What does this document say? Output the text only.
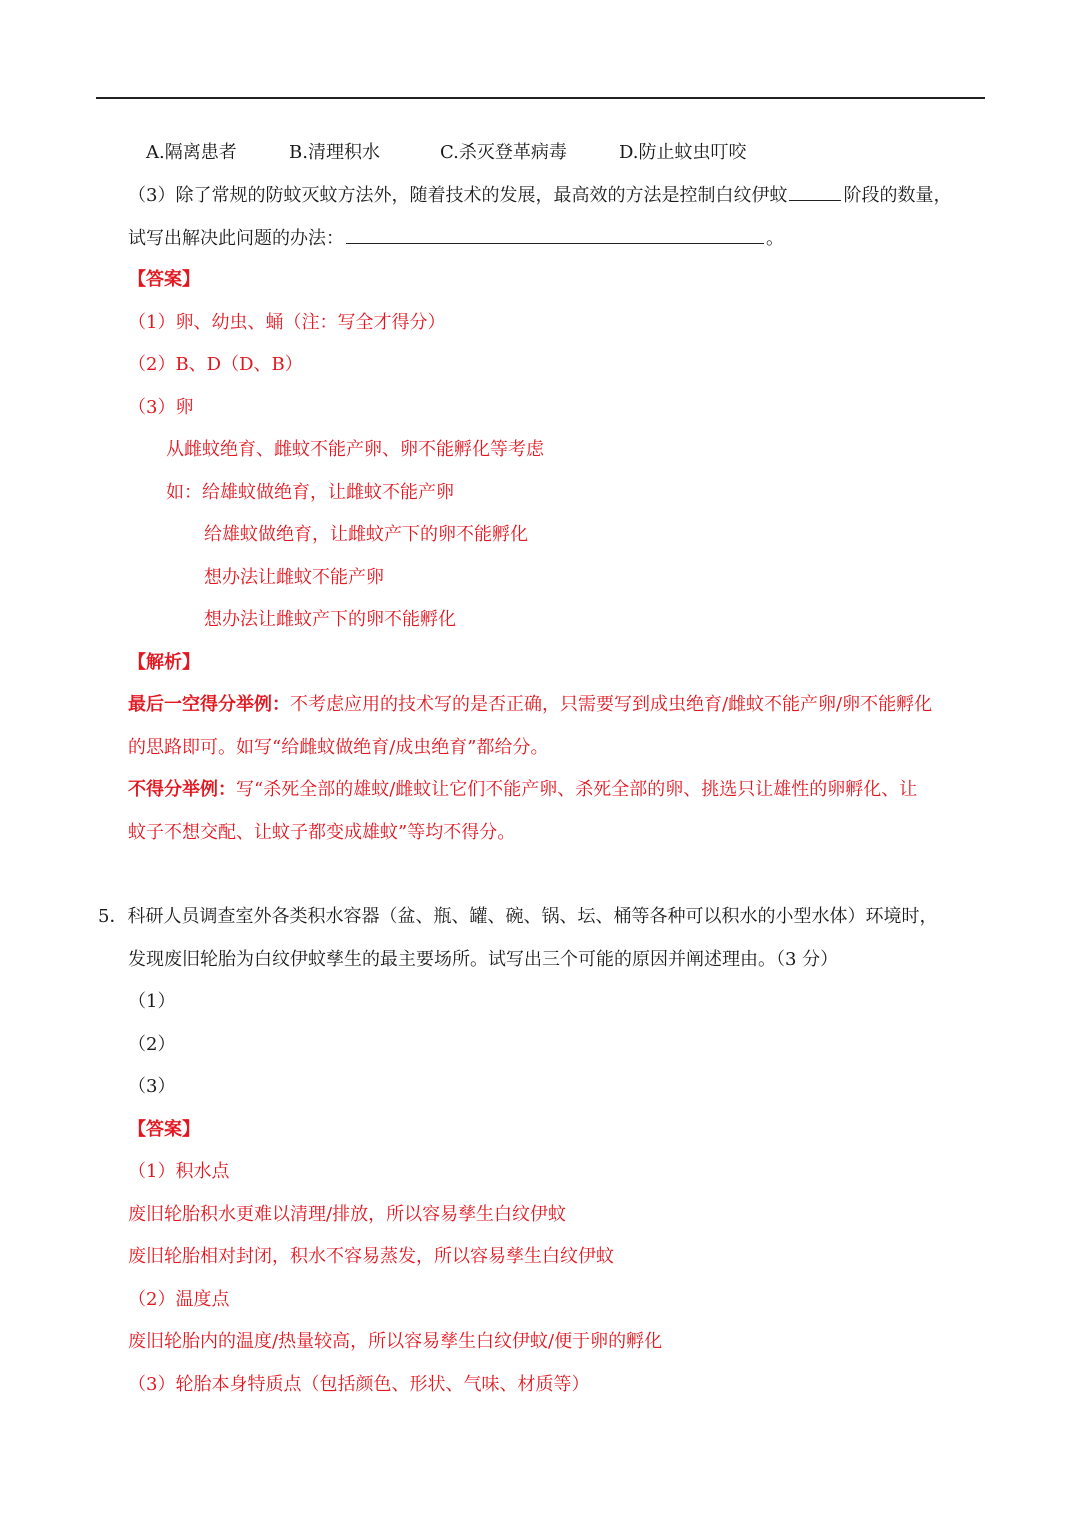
A.隔离患者	B.清理积水	C.杀灭登革病毒	D.防止蚊虫叮咬
（3）除了常规的防蚊灭蚊方法外，随着技术的发展，最高效的方法是控制白纹伊蚊	阶段的数量，
试写出解决此问题的办法：	。
【答案】
（1）卵、幼虫、蛹（注：写全才得分）
（2）B、D（D、B）
（3）卵
从雌蚊绝育、雌蚊不能产卵、卵不能孵化等考虑
如：给雄蚊做绝育，让雌蚊不能产卵
给雄蚊做绝育，让雌蚊产下的卵不能孵化
想办法让雌蚊不能产卵
想办法让雌蚊产下的卵不能孵化
【解析】
最后一空得分举例：不考虑应用的技术写的是否正确，只需要写到成虫绝育/雌蚊不能产卵/卵不能孵化
的思路即可。如写“给雌蚊做绝育/成虫绝育”都给分。
不得分举例：写“杀死全部的雄蚊/雌蚊让它们不能产卵、杀死全部的卵、挑选只让雄性的卵孵化、让
蚊子不想交配、让蚊子都变成雄蚊”等均不得分。
5．科研人员调查室外各类积水容器（盆、瓶、罐、碗、锅、坛、桶等各种可以积水的小型水体）环境时，
发现废旧轮胎为白纹伊蚊孳生的最主要场所。试写出三个可能的原因并阐述理由。（3 分）
（1）
（2）
（3）
【答案】
（1）积水点
废旧轮胎积水更难以清理/排放，所以容易孳生白纹伊蚊
废旧轮胎相对封闭，积水不容易蒸发，所以容易孳生白纹伊蚊
（2）温度点
废旧轮胎内的温度/热量较高，所以容易孳生白纹伊蚊/便于卵的孵化
（3）轮胎本身特质点（包括颜色、形状、气味、材质等）
